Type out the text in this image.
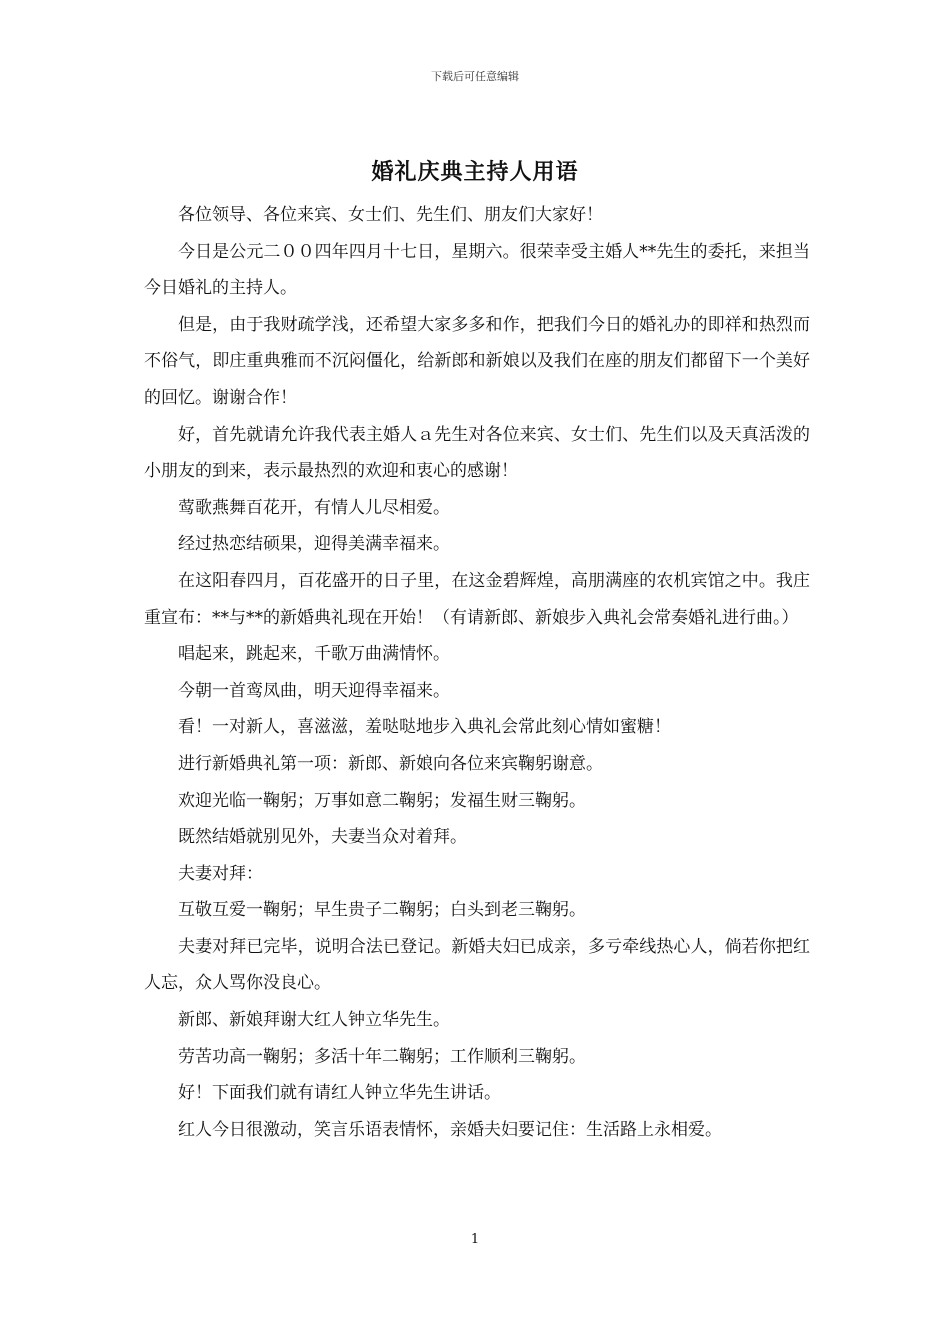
下载后可任意编辑
婚礼庆典主持人用语

各位领导、各位来宾、女士们、先生们、朋友们大家好！

今日是公元二００四年四月十七日，星期六。很荣幸受主婚人**先生的委托，来担当今日婚礼的主持人。

但是，由于我财疏学浅，还希望大家多多和作，把我们今日的婚礼办的即祥和热烈而不俗气，即庄重典雅而不沉闷僵化，给新郎和新娘以及我们在座的朋友们都留下一个美好的回忆。谢谢合作！

好，首先就请允许我代表主婚人ａ先生对各位来宾、女士们、先生们以及天真活泼的小朋友的到来，表示最热烈的欢迎和衷心的感谢！

莺歌燕舞百花开，有情人儿尽相爱。

经过热恋结硕果，迎得美满幸福来。

在这阳春四月，百花盛开的日子里，在这金碧辉煌，高朋满座的农机宾馆之中。我庄重宣布：**与**的新婚典礼现在开始！（有请新郎、新娘步入典礼会常奏婚礼进行曲。）

唱起来，跳起来，千歌万曲满情怀。

今朝一首鸾凤曲，明天迎得幸福来。

看！一对新人，喜滋滋，羞哒哒地步入典礼会常此刻心情如蜜糖！

进行新婚典礼第一项：新郎、新娘向各位来宾鞠躬谢意。

欢迎光临一鞠躬；万事如意二鞠躬；发福生财三鞠躬。

既然结婚就别见外，夫妻当众对着拜。

夫妻对拜：

互敬互爱一鞠躬；早生贵子二鞠躬；白头到老三鞠躬。

夫妻对拜已完毕，说明合法已登记。新婚夫妇已成亲，多亏牵线热心人，倘若你把红人忘，众人骂你没良心。

新郎、新娘拜谢大红人钟立华先生。

劳苦功高一鞠躬；多活十年二鞠躬；工作顺利三鞠躬。

好！下面我们就有请红人钟立华先生讲话。

红人今日很激动，笑言乐语表情怀，亲婚夫妇要记住：生活路上永相爱。

1
